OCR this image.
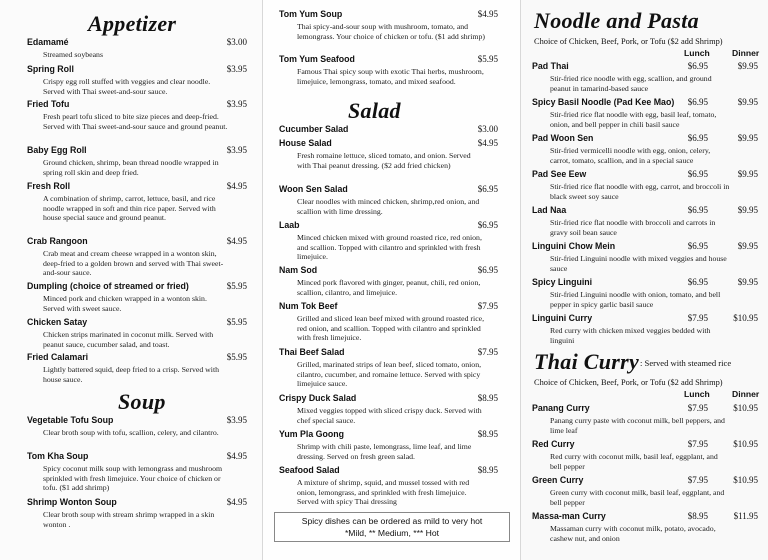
Appetizer
Edamamé	$3.00
Streamed soybeans
Spring Roll	$3.95
Crispy egg roll stuffed with veggies and clear noodle. Served with Thai sweet-and-sour sauce.
Fried Tofu	$3.95
Fresh pearl tofu sliced to bite size pieces and deep-fried. Served with Thai sweet-and-sour sauce and ground peanut.
Baby Egg Roll	$3.95
Ground chicken, shrimp, bean thread noodle wrapped in spring roll skin and deep fried.
Fresh Roll	$4.95
A combination of shrimp, carrot, lettuce, basil, and rice noodle wrapped in soft and thin rice paper. Served with house special sauce and ground peanut.
Crab Rangoon	$4.95
Crab meat and cream cheese wrapped in a wonton skin, deep-fried to a golden brown and served with Thai sweet-and-sour sauce.
Dumpling (choice of streamed or fried)	$5.95
Minced pork and chicken wrapped in a wonton skin. Served with sweet sauce.
Chicken Satay	$5.95
Chicken strips marinated in coconut milk. Served with peanut sauce, cucumber salad, and toast.
Fried Calamari	$5.95
Lightly battered squid, deep fried to a crisp. Served with house sauce.
Soup
Vegetable Tofu Soup	$3.95
Clear broth soup with tofu, scallion, celery, and cilantro.
Tom Kha Soup	$4.95
Spicy coconut milk soup with lemongrass and mushroom sprinkled with fresh limejuice. Your choice of chicken or tofu. ($1 add shrimp)
Shrimp Wonton Soup	$4.95
Clear broth soup with stream shrimp wrapped in a skin wonton .
Tom Yum Soup	$4.95
Thai spicy-and-sour soup with mushroom, tomato, and lemongrass. Your choice of chicken or tofu. ($1 add shrimp)
Tom Yum Seafood	$5.95
Famous Thai spicy soup with exotic Thai herbs, mushroom, limejuice, lemongrass, tomato, and mixed seafood.
Salad
Cucumber Salad	$3.00
House Salad	$4.95
Fresh romaine lettuce, sliced tomato, and onion. Served with Thai peanut dressing. ($2 add fried chicken)
Woon Sen Salad	$6.95
Clear noodles with minced chicken, shrimp,red onion, and scallion with lime dressing.
Laab	$6.95
Minced chicken mixed with ground roasted rice, red onion, and scallion. Topped with cilantro and sprinkled with fresh limejuice.
Nam Sod	$6.95
Minced pork flavored with ginger, peanut, chili, red onion, scallion, cilantro, and limejuice.
Num Tok Beef	$7.95
Grilled and sliced lean beef mixed with ground roasted rice, red onion, and scallion. Topped with cilantro and sprinkled with fresh limejuice.
Thai Beef Salad	$7.95
Grilled, marinated strips of lean beef, sliced tomato, onion, cilantro, cucumber, and romaine lettuce. Served with spicy limejuice sauce.
Crispy Duck Salad	$8.95
Mixed veggies topped with sliced crispy duck. Served with chef special sauce.
Yum Pla Goong	$8.95
Shrimp with chili paste, lemongrass, lime leaf, and lime dressing. Served on fresh green salad.
Seafood Salad	$8.95
A mixture of shrimp, squid, and mussel tossed with red onion, lemongrass, and sprinkled with fresh limejuice. Served with spicy Thai dressing
Noodle and Pasta
Choice of Chicken, Beef, Pork, or Tofu ($2 add Shrimp)
Lunch	Dinner
Pad Thai	$6.95	$9.95
Stir-fried rice noodle with egg, scallion, and ground peanut in tamarind-based sauce
Spicy Basil Noodle (Pad Kee Mao)	$6.95	$9.95
Stir-fried rice flat noodle with egg, basil leaf, tomato, onion, and bell pepper in chili basil sauce
Pad Woon Sen	$6.95	$9.95
Stir-fried vermicelli noodle with egg, onion, celery, carrot, tomato, scallion, and in a special sauce
Pad See Eew	$6.95	$9.95
Stir-fried rice flat noodle with egg, carrot, and broccoli in black sweet soy sauce
Lad Naa	$6.95	$9.95
Stir-fried rice flat noodle with broccoli and carrots in gravy soil bean sauce
Linguini Chow Mein	$6.95	$9.95
Stir-fried Linguini noodle with mixed veggies and house sauce
Spicy Linguini	$6.95	$9.95
Stir-fried Linguini noodle with onion, tomato, and bell pepper in spicy garlic basil sauce
Linguini Curry	$7.95	$10.95
Red curry with chicken mixed veggies bedded with linguini
Thai Curry : Served with steamed rice
Choice of Chicken, Beef, Pork, or Tofu ($2 add Shrimp)
Lunch	Dinner
Panang Curry	$7.95	$10.95
Panang curry paste with coconut milk, bell peppers, and lime leaf
Red Curry	$7.95	$10.95
Red curry with coconut milk, basil leaf, eggplant, and bell pepper
Green Curry	$7.95	$10.95
Green curry with coconut milk, basil leaf, eggplant, and bell pepper
Massa-man Curry	$8.95	$11.95
Massaman curry with coconut milk, potato, avocado, cashew nut, and onion
Spicy dishes can be ordered as mild to very hot
*Mild, ** Medium, *** Hot
